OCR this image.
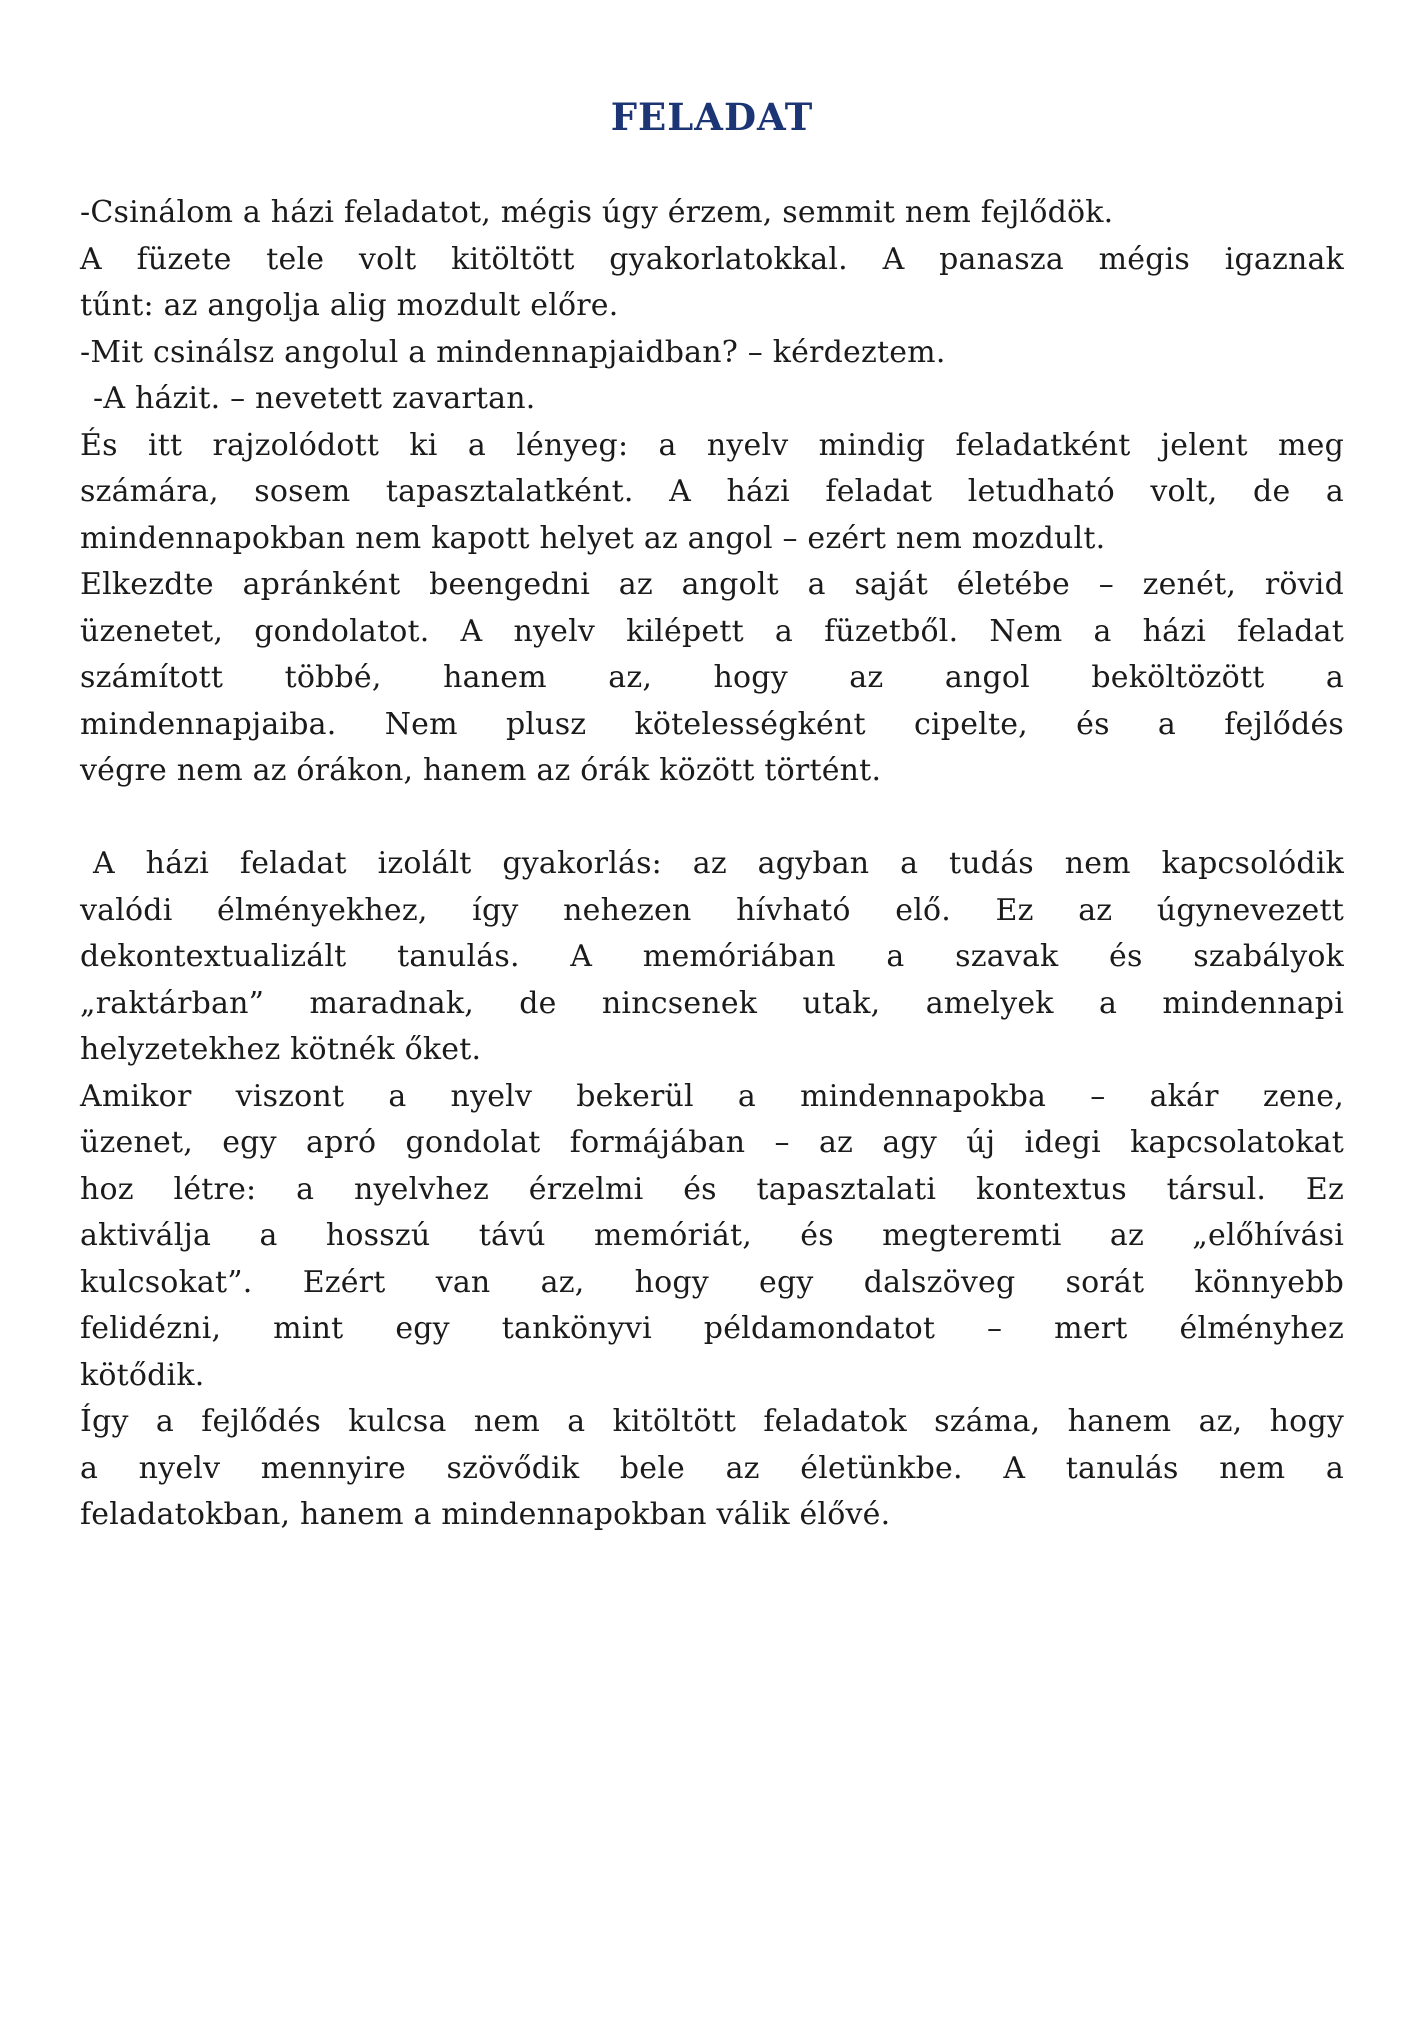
FELADAT
-Csinálom a házi feladatot, mégis úgy érzem, semmit nem fejlődök.
A füzete tele volt kitöltött gyakorlatokkal. A panasza mégis igaznak
tűnt: az angolja alig mozdult előre.
-Mit csinálsz angolul a mindennapjaidban? – kérdeztem.
-A házit. – nevetett zavartan.
És itt rajzolódott ki a lényeg: a nyelv mindig feladatként jelent meg
számára, sosem tapasztalatként. A házi feladat letudható volt, de a
mindennapokban nem kapott helyet az angol – ezért nem mozdult.
Elkezdte apránként beengedni az angolt a saját életébe – zenét, rövid
üzenetet, gondolatot. A nyelv kilépett a füzetből. Nem a házi feladat
számított többé, hanem az, hogy az angol beköltözött a
mindennapjaiba. Nem plusz kötelességként cipelte, és a fejlődés
végre nem az órákon, hanem az órák között történt.
A házi feladat izolált gyakorlás: az agyban a tudás nem kapcsolódik
valódi élményekhez, így nehezen hívható elő. Ez az úgynevezett
dekontextualizált tanulás. A memóriában a szavak és szabályok
„raktárban” maradnak, de nincsenek utak, amelyek a mindennapi
helyzetekhez kötnék őket.
Amikor viszont a nyelv bekerül a mindennapokba – akár zene,
üzenet, egy apró gondolat formájában – az agy új idegi kapcsolatokat
hoz létre: a nyelvhez érzelmi és tapasztalati kontextus társul. Ez
aktiválja a hosszú távú memóriát, és megteremti az „előhívási
kulcsokat”. Ezért van az, hogy egy dalszöveg sorát könnyebb
felidézni, mint egy tankönyvi példamondatot – mert élményhez
kötődik.
Így a fejlődés kulcsa nem a kitöltött feladatok száma, hanem az, hogy
a nyelv mennyire szövődik bele az életünkbe. A tanulás nem a
feladatokban, hanem a mindennapokban válik élővé.
